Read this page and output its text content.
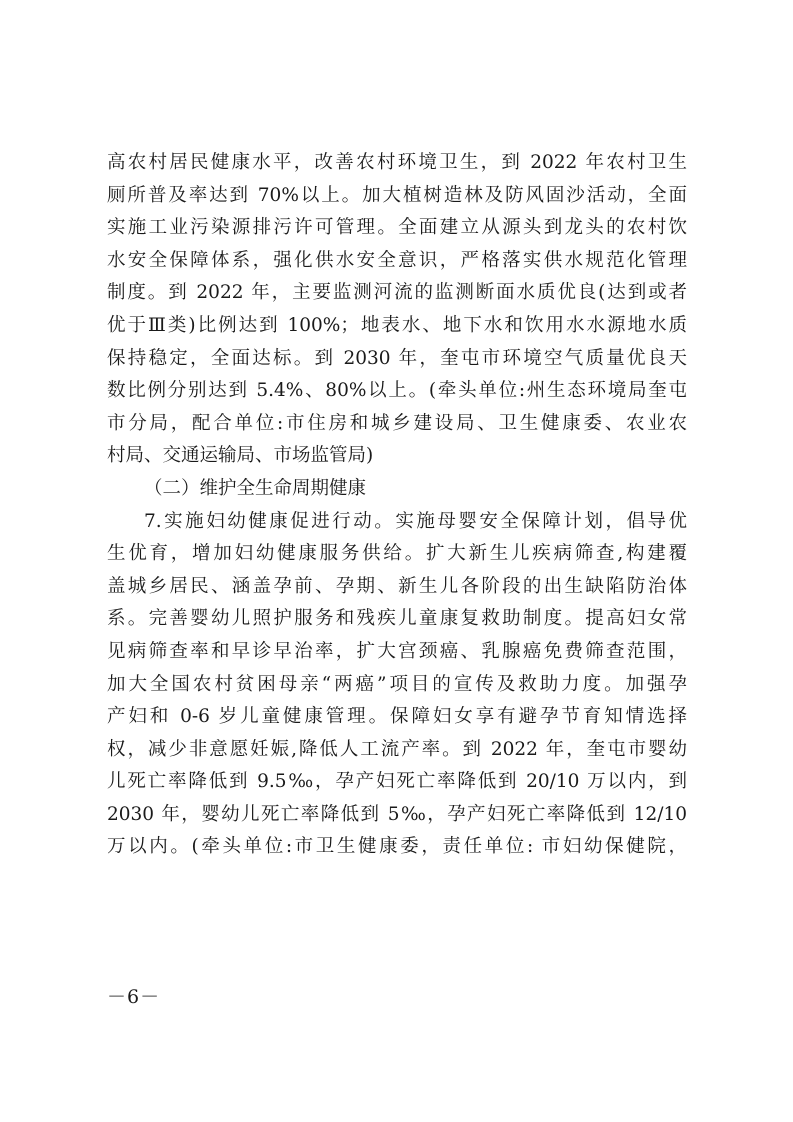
高农村居民健康水平，改善农村环境卫生，到 2022 年农村卫生
厕所普及率达到 70%以上。加大植树造林及防风固沙活动，全面
实施工业污染源排污许可管理。全面建立从源头到龙头的农村饮
水安全保障体系，强化供水安全意识，严格落实供水规范化管理
制度。到 2022 年，主要监测河流的监测断面水质优良(达到或者
优于Ⅲ类)比例达到 100%；地表水、地下水和饮用水水源地水质
保持稳定，全面达标。到 2030 年，奎屯市环境空气质量优良天
数比例分别达到 5.4%、80%以上。(牵头单位:州生态环境局奎屯
市分局，配合单位:市住房和城乡建设局、卫生健康委、农业农
村局、交通运输局、市场监管局)
（二）维护全生命周期健康
7.实施妇幼健康促进行动。实施母婴安全保障计划，倡导优
生优育，增加妇幼健康服务供给。扩大新生儿疾病筛查,构建覆
盖城乡居民、涵盖孕前、孕期、新生儿各阶段的出生缺陷防治体
系。完善婴幼儿照护服务和残疾儿童康复救助制度。提高妇女常
见病筛查率和早诊早治率，扩大宫颈癌、乳腺癌免费筛查范围，
加大全国农村贫困母亲“两癌”项目的宣传及救助力度。加强孕
产妇和 0-6 岁儿童健康管理。保障妇女享有避孕节育知情选择
权，减少非意愿妊娠,降低人工流产率。到 2022 年，奎屯市婴幼
儿死亡率降低到 9.5‰，孕产妇死亡率降低到 20/10 万以内，到
2030 年，婴幼儿死亡率降低到 5‰，孕产妇死亡率降低到 12/10
万以内。(牵头单位:市卫生健康委，责任单位: 市妇幼保健院，
－6－
